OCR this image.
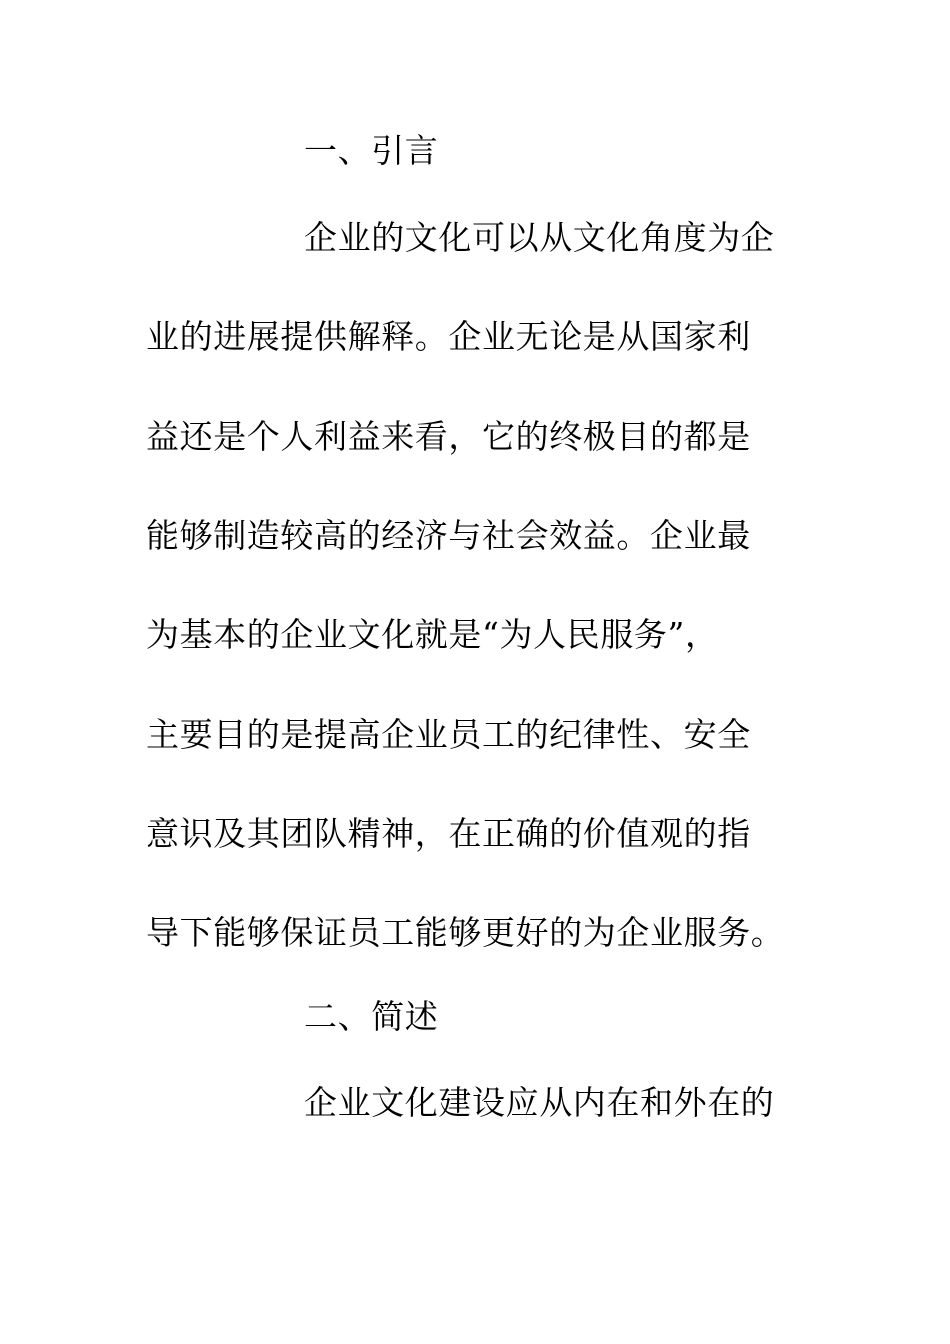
一、引言
企业的文化可以从文化角度为企
业的进展提供解释。企业无论是从国家利
益还是个人利益来看，它的终极目的都是
能够制造较高的经济与社会效益。企业最
为基本的企业文化就是“为人民服务”，
主要目的是提高企业员工的纪律性、安全
意识及其团队精神，在正确的价值观的指
导下能够保证员工能够更好的为企业服务。
二、简述
企业文化建设应从内在和外在的
